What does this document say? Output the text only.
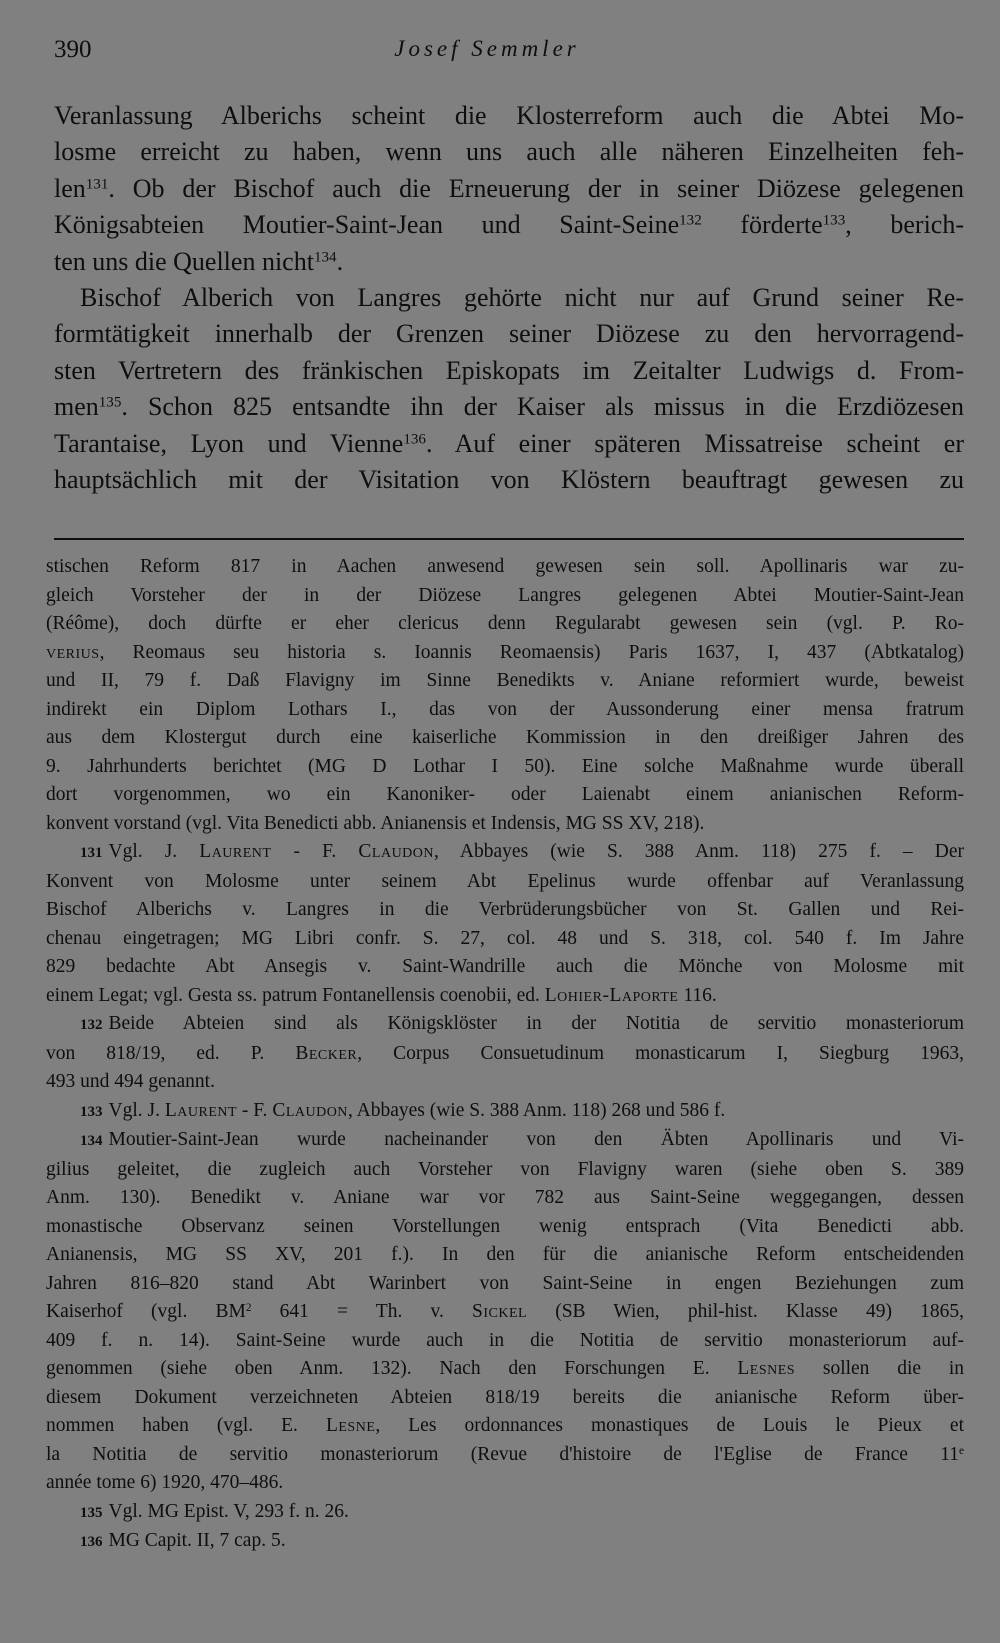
390	Josef Semmler
Veranlassung Alberichs scheint die Klosterreform auch die Abtei Mo-
losme erreicht zu haben, wenn uns auch alle näheren Einzelheiten feh-
len$^{131}$. Ob der Bischof auch die Erneuerung der in seiner Diözese gelegenen
Königsabteien Moutier-Saint-Jean und Saint-Seine$^{132}$ förderte$^{133}$, berich-
ten uns die Quellen nicht$^{134}$.
Bischof Alberich von Langres gehörte nicht nur auf Grund seiner Re-
formtätigkeit innerhalb der Grenzen seiner Diözese zu den hervorragend-
sten Vertretern des fränkischen Episkopats im Zeitalter Ludwigs d. From-
men$^{135}$. Schon 825 entsandte ihn der Kaiser als missus in die Erzdiözesen
Tarantaise, Lyon und Vienne$^{136}$. Auf einer späteren Missatreise scheint er
hauptsächlich mit der Visitation von Klöstern beauftragt gewesen zu
stischen Reform 817 in Aachen anwesend gewesen sein soll. Apollinaris war zu-
gleich Vorsteher der in der Diözese Langres gelegenen Abtei Moutier-Saint-Jean
(Réôme), doch dürfte er eher clericus denn Regularabt gewesen sein (vgl. P. Ro-
verius, Reomaus seu historia s. Ioannis Reomaensis) Paris 1637, I, 437 (Abtkatalog)
und II, 79 f. Daß Flavigny im Sinne Benedikts v. Aniane reformiert wurde, beweist
indirekt ein Diplom Lothars I., das von der Aussonderung einer mensa fratrum
aus dem Klostergut durch eine kaiserliche Kommission in den dreißiger Jahren des
9. Jahrhunderts berichtet (MG D Lothar I 50). Eine solche Maßnahme wurde überall
dort vorgenommen, wo ein Kanoniker- oder Laienabt einem anianischen Reform-
konvent vorstand (vgl. Vita Benedicti abb. Anianensis et Indensis, MG SS XV, 218).
131 Vgl. J. Laurent - F. Claudon, Abbayes (wie S. 388 Anm. 118) 275 f. – Der
Konvent von Molosme unter seinem Abt Epelinus wurde offenbar auf Veranlassung
Bischof Alberichs v. Langres in die Verbrüderungsbücher von St. Gallen und Rei-
chenau eingetragen; MG Libri confr. S. 27, col. 48 und S. 318, col. 540 f. Im Jahre
829 bedachte Abt Ansegis v. Saint-Wandrille auch die Mönche von Molosme mit
einem Legat; vgl. Gesta ss. patrum Fontanellensis coenobii, ed. Lohier-Laporte 116.
132 Beide Abteien sind als Königsklöster in der Notitia de servitio monasteriorum
von 818/19, ed. P. Becker, Corpus Consuetudinum monasticarum I, Siegburg 1963,
493 und 494 genannt.
133 Vgl. J. Laurent - F. Claudon, Abbayes (wie S. 388 Anm. 118) 268 und 586 f.
134 Moutier-Saint-Jean wurde nacheinander von den Äbten Apollinaris und Vi-
gilius geleitet, die zugleich auch Vorsteher von Flavigny waren (siehe oben S. 389
Anm. 130). Benedikt v. Aniane war vor 782 aus Saint-Seine weggegangen, dessen
monastische Observanz seinen Vorstellungen wenig entsprach (Vita Benedicti abb.
Anianensis, MG SS XV, 201 f.). In den für die anianische Reform entscheidenden
Jahren 816–820 stand Abt Warinbert von Saint-Seine in engen Beziehungen zum
Kaiserhof (vgl. $BM^2$ 641 = Th. v. Sickel (SB Wien, phil-hist. Klasse 49) 1865,
409 f. n. 14). Saint-Seine wurde auch in die Notitia de servitio monasteriorum auf-
genommen (siehe oben Anm. 132). Nach den Forschungen E. Lesnes sollen die in
diesem Dokument verzeichneten Abteien 818/19 bereits die anianische Reform über-
nommen haben (vgl. E. Lesne, Les ordonnances monastiques de Louis le Pieux et
la Notitia de servitio monasteriorum (Revue d'histoire de l'Eglise de France 11e
année tome 6) 1920, 470–486.
135 Vgl. MG Epist. V, 293 f. n. 26.
136 MG Capit. II, 7 cap. 5.
